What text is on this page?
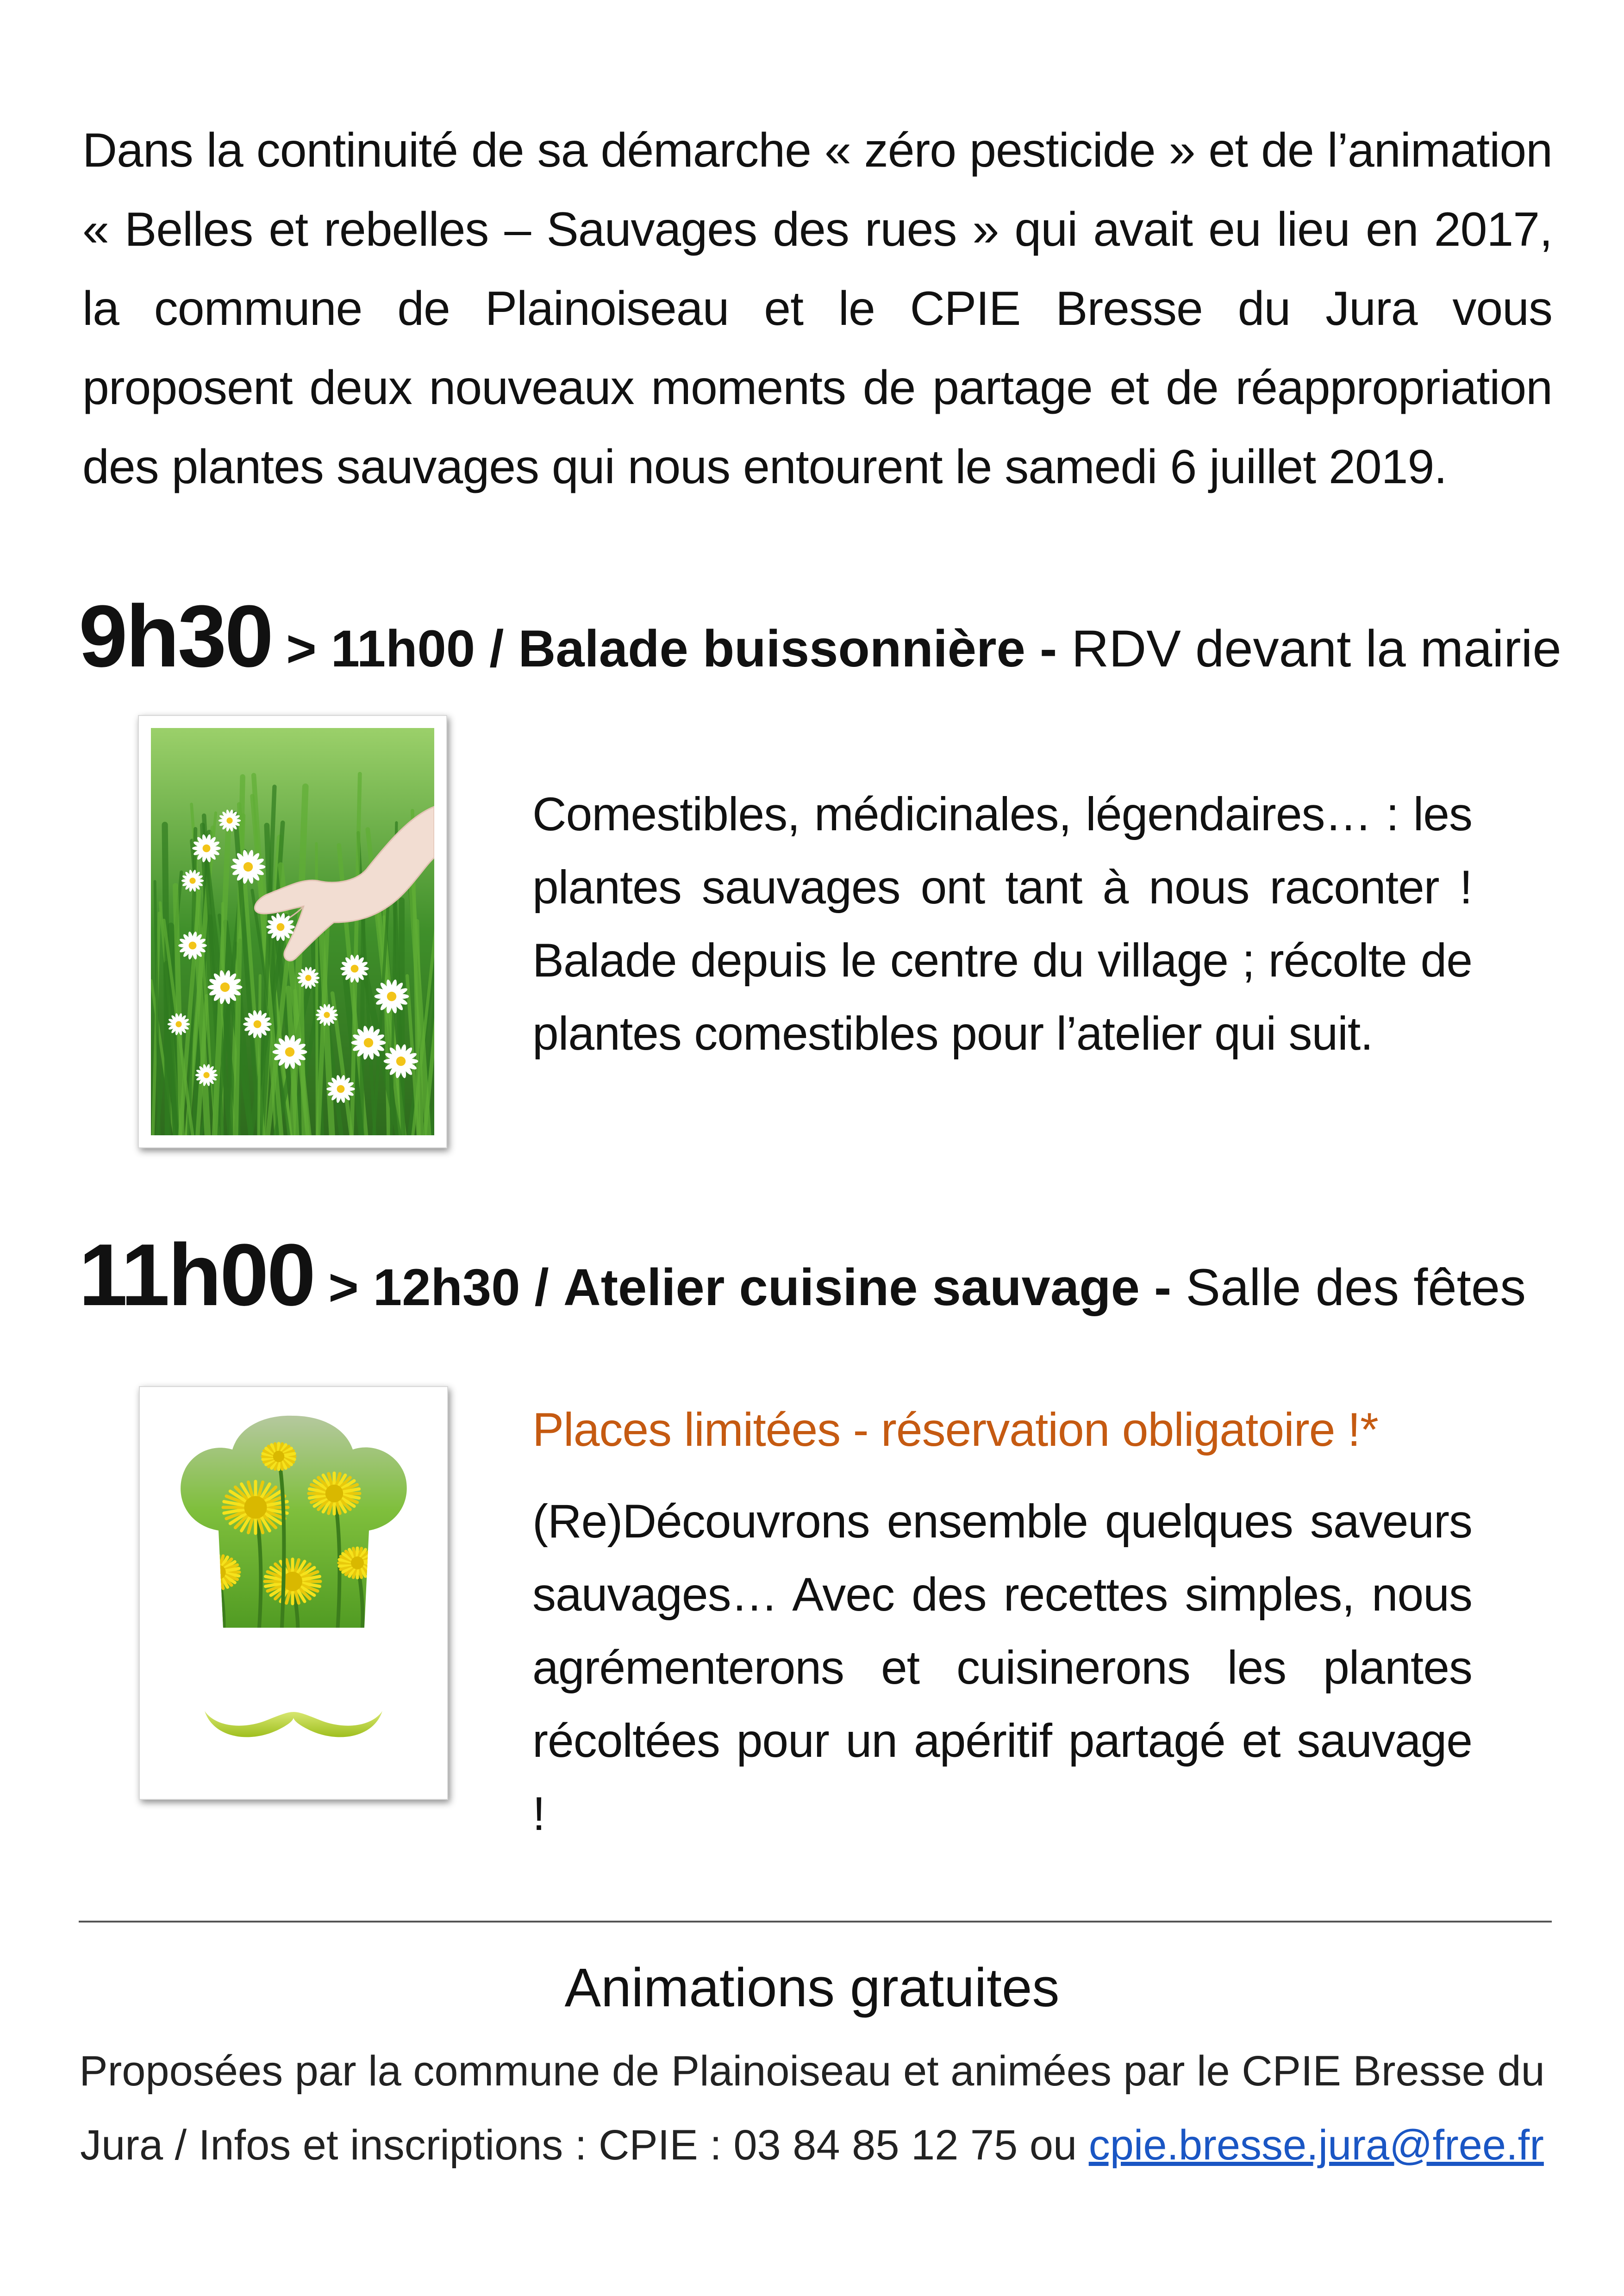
Dans la continuité de sa démarche « zéro pesticide » et de l’animation « Belles et rebelles – Sauvages des rues » qui avait eu lieu en 2017, la commune de Plainoiseau et le CPIE Bresse du Jura vous proposent deux nouveaux moments de partage et de réappropriation des plantes sauvages qui nous entourent le samedi 6 juillet 2019.

9h30 > 11h00 / Balade buissonnière - RDV devant la mairie

Comestibles, médicinales, légendaires… : les plantes sauvages ont tant à nous raconter ! Balade depuis le centre du village ; récolte de plantes comestibles pour l’atelier qui suit.

11h00 > 12h30 / Atelier cuisine sauvage - Salle des fêtes

Places limitées - réservation obligatoire !*

(Re)Découvrons ensemble quelques saveurs sauvages… Avec des recettes simples, nous agrémenterons et cuisinerons les plantes récoltées pour un apéritif partagé et sauvage !

Animations gratuites
Proposées par la commune de Plainoiseau et animées par le CPIE Bresse du
Jura / Infos et inscriptions : CPIE : 03 84 85 12 75 ou cpie.bresse.jura@free.fr
